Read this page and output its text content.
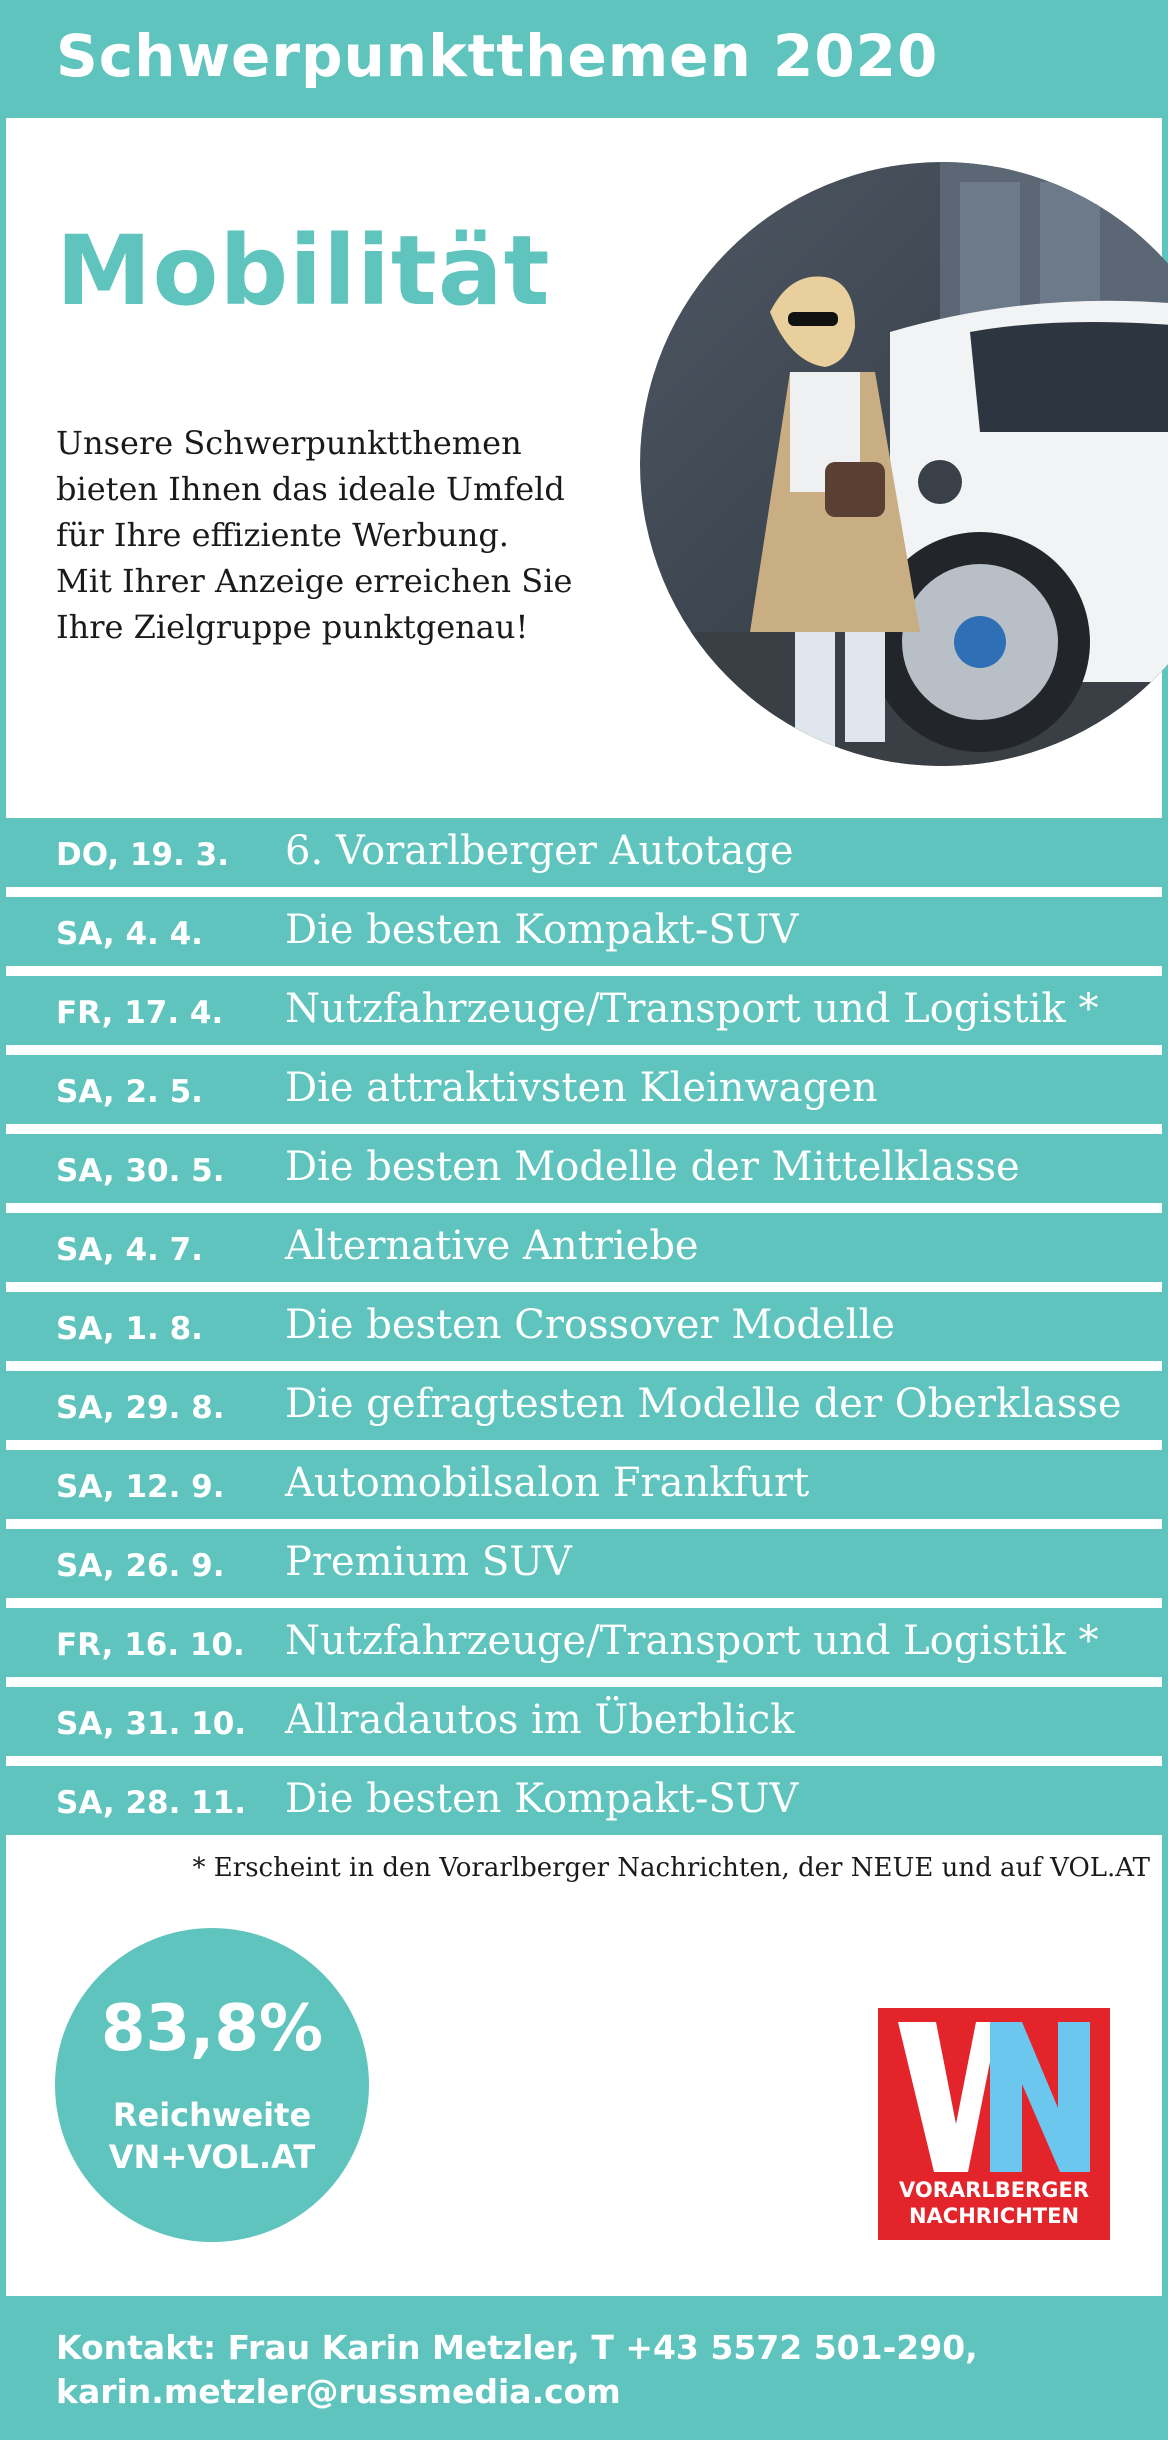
Schwerpunktthemen 2020
Mobilität
Unsere Schwerpunktthemen
bieten Ihnen das ideale Umfeld
für Ihre effiziente Werbung.
Mit Ihrer Anzeige erreichen Sie
Ihre Zielgruppe punktgenau!
DO, 19. 3. 6. Vorarlberger Autotage
SA, 4. 4. Die besten Kompakt-SUV
FR, 17. 4. Nutzfahrzeuge/Transport und Logistik *
SA, 2. 5. Die attraktivsten Kleinwagen
SA, 30. 5. Die besten Modelle der Mittelklasse
SA, 4. 7. Alternative Antriebe
SA, 1. 8. Die besten Crossover Modelle
SA, 29. 8. Die gefragtesten Modelle der Oberklasse
SA, 12. 9. Automobilsalon Frankfurt
SA, 26. 9. Premium SUV
FR, 16. 10. Nutzfahrzeuge/Transport und Logistik *
SA, 31. 10. Allradautos im Überblick
SA, 28. 11. Die besten Kompakt-SUV
* Erscheint in den Vorarlberger Nachrichten, der NEUE und auf VOL.AT
83,8%
Reichweite
VN+VOL.AT
VORARLBERGER
NACHRICHTEN
Kontakt: Frau Karin Metzler, T +43 5572 501-290,
karin.metzler@russmedia.com
